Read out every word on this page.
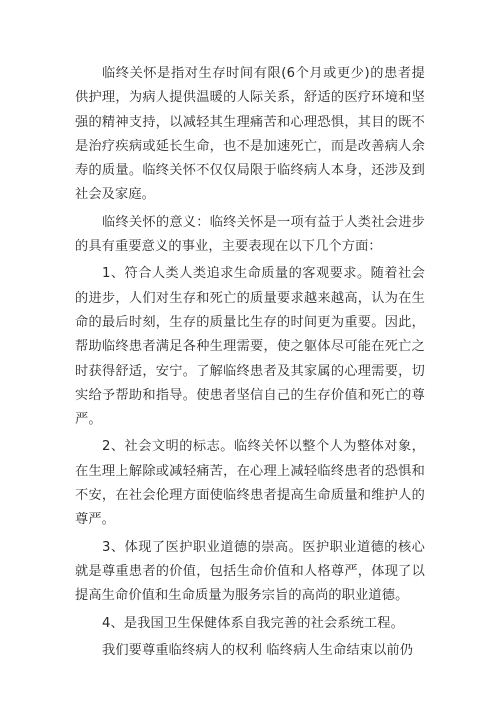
临终关怀是指对生存时间有限(6个月或更少)的患者提供护理，为病人提供温暖的人际关系，舒适的医疗环境和坚强的精神支持，以减轻其生理痛苦和心理恐惧，其目的既不是治疗疾病或延长生命，也不是加速死亡，而是改善病人余寿的质量。临终关怀不仅仅局限于临终病人本身，还涉及到社会及家庭。

临终关怀的意义：临终关怀是一项有益于人类社会进步的具有重要意义的事业，主要表现在以下几个方面：

1、符合人类人类追求生命质量的客观要求。随着社会的进步，人们对生存和死亡的质量要求越来越高，认为在生命的最后时刻，生存的质量比生存的时间更为重要。因此，帮助临终患者满足各种生理需要，使之躯体尽可能在死亡之时获得舒适，安宁。了解临终患者及其家属的心理需要，切实给予帮助和指导。使患者坚信自己的生存价值和死亡的尊严。

2、社会文明的标志。临终关怀以整个人为整体对象，在生理上解除或减轻痛苦，在心理上减轻临终患者的恐惧和不安，在社会伦理方面使临终患者提高生命质量和维护人的尊严。

3、体现了医护职业道德的崇高。医护职业道德的核心就是尊重患者的价值，包括生命价值和人格尊严，体现了以提高生命价值和生命质量为服务宗旨的高尚的职业道德。

4、是我国卫生保健体系自我完善的社会系统工程。

我们要尊重临终病人的权利 临终病人生命结束以前仍
